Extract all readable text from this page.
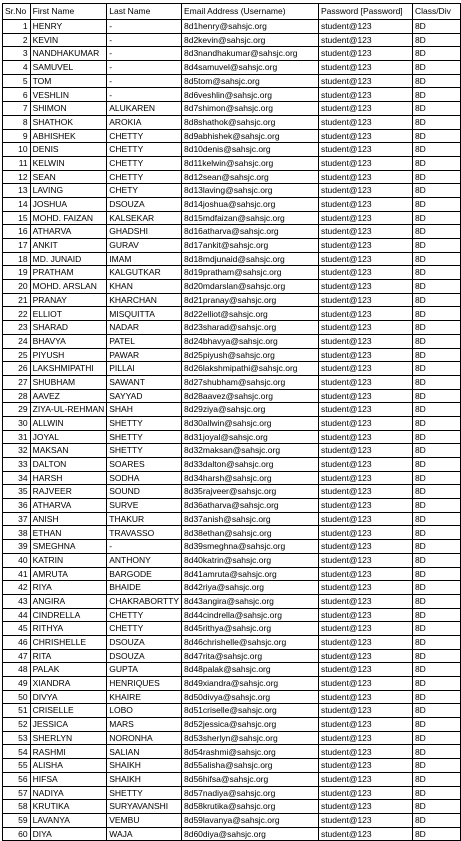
Sr.No	First Name	Last Name	Email Address (Username)	Password [Password]	Class/Div
1	HENRY	-	8d1henry@sahsjc.org	student@123	8D
2	KEVIN	-	8d2kevin@sahsjc.org	student@123	8D
3	NANDHAKUMAR	-	8d3nandhakumar@sahsjc.org	student@123	8D
4	SAMUVEL	-	8d4samuvel@sahsjc.org	student@123	8D
5	TOM	-	8d5tom@sahsjc.org	student@123	8D
6	VESHLIN	-	8d6veshlin@sahsjc.org	student@123	8D
7	SHIMON	ALUKAREN	8d7shimon@sahsjc.org	student@123	8D
8	SHATHOK	AROKIA	8d8shathok@sahsjc.org	student@123	8D
9	ABHISHEK	CHETTY	8d9abhishek@sahsjc.org	student@123	8D
10	DENIS	CHETTY	8d10denis@sahsjc.org	student@123	8D
11	KELWIN	CHETTY	8d11kelwin@sahsjc.org	student@123	8D
12	SEAN	CHETTY	8d12sean@sahsjc.org	student@123	8D
13	LAVING	CHETY	8d13laving@sahsjc.org	student@123	8D
14	JOSHUA	DSOUZA	8d14joshua@sahsjc.org	student@123	8D
15	MOHD. FAIZAN	KALSEKAR	8d15mdfaizan@sahsjc.org	student@123	8D
16	ATHARVA	GHADSHI	8d16atharva@sahsjc.org	student@123	8D
17	ANKIT	GURAV	8d17ankit@sahsjc.org	student@123	8D
18	MD. JUNAID	IMAM	8d18mdjunaid@sahsjc.org	student@123	8D
19	PRATHAM	KALGUTKAR	8d19pratham@sahsjc.org	student@123	8D
20	MOHD. ARSLAN	KHAN	8d20mdarslan@sahsjc.org	student@123	8D
21	PRANAY	KHARCHAN	8d21pranay@sahsjc.org	student@123	8D
22	ELLIOT	MISQUITTA	8d22elliot@sahsjc.org	student@123	8D
23	SHARAD	NADAR	8d23sharad@sahsjc.org	student@123	8D
24	BHAVYA	PATEL	8d24bhavya@sahsjc.org	student@123	8D
25	PIYUSH	PAWAR	8d25piyush@sahsjc.org	student@123	8D
26	LAKSHMIPATHI	PILLAI	8d26lakshmipathi@sahsjc.org	student@123	8D
27	SHUBHAM	SAWANT	8d27shubham@sahsjc.org	student@123	8D
28	AAVEZ	SAYYAD	8d28aavez@sahsjc.org	student@123	8D
29	ZIYA-UL-REHMAN	SHAH	8d29ziya@sahsjc.org	student@123	8D
30	ALLWIN	SHETTY	8d30allwin@sahsjc.org	student@123	8D
31	JOYAL	SHETTY	8d31joyal@sahsjc.org	student@123	8D
32	MAKSAN	SHETTY	8d32maksan@sahsjc.org	student@123	8D
33	DALTON	SOARES	8d33dalton@sahsjc.org	student@123	8D
34	HARSH	SODHA	8d34harsh@sahsjc.org	student@123	8D
35	RAJVEER	SOUND	8d35rajveer@sahsjc.org	student@123	8D
36	ATHARVA	SURVE	8d36atharva@sahsjc.org	student@123	8D
37	ANISH	THAKUR	8d37anish@sahsjc.org	student@123	8D
38	ETHAN	TRAVASSO	8d38ethan@sahsjc.org	student@123	8D
39	SMEGHNA	-	8d39smeghna@sahsjc.org	student@123	8D
40	KATRIN	ANTHONY	8d40katrin@sahsjc.org	student@123	8D
41	AMRUTA	BARGODE	8d41amruta@sahsjc.org	student@123	8D
42	RIYA	BHAIDE	8d42riya@sahsjc.org	student@123	8D
43	ANGIRA	CHAKRABORTTY	8d43angira@sahsjc.org	student@123	8D
44	CINDRELLA	CHETTY	8d44cindrella@sahsjc.org	student@123	8D
45	RITHYA	CHETTY	8d45rithya@sahsjc.org	student@123	8D
46	CHRISHELLE	DSOUZA	8d46chrishelle@sahsjc.org	student@123	8D
47	RITA	DSOUZA	8d47rita@sahsjc.org	student@123	8D
48	PALAK	GUPTA	8d48palak@sahsjc.org	student@123	8D
49	XIANDRA	HENRIQUES	8d49xiandra@sahsjc.org	student@123	8D
50	DIVYA	KHAIRE	8d50divya@sahsjc.org	student@123	8D
51	CRISELLE	LOBO	8d51criselle@sahsjc.org	student@123	8D
52	JESSICA	MARS	8d52jessica@sahsjc.org	student@123	8D
53	SHERLYN	NORONHA	8d53sherlyn@sahsjc.org	student@123	8D
54	RASHMI	SALIAN	8d54rashmi@sahsjc.org	student@123	8D
55	ALISHA	SHAIKH	8d55alisha@sahsjc.org	student@123	8D
56	HIFSA	SHAIKH	8d56hifsa@sahsjc.org	student@123	8D
57	NADIYA	SHETTY	8d57nadiya@sahsjc.org	student@123	8D
58	KRUTIKA	SURYAVANSHI	8d58krutika@sahsjc.org	student@123	8D
59	LAVANYA	VEMBU	8d59lavanya@sahsjc.org	student@123	8D
60	DIYA	WAJA	8d60diya@sahsjc.org	student@123	8D
